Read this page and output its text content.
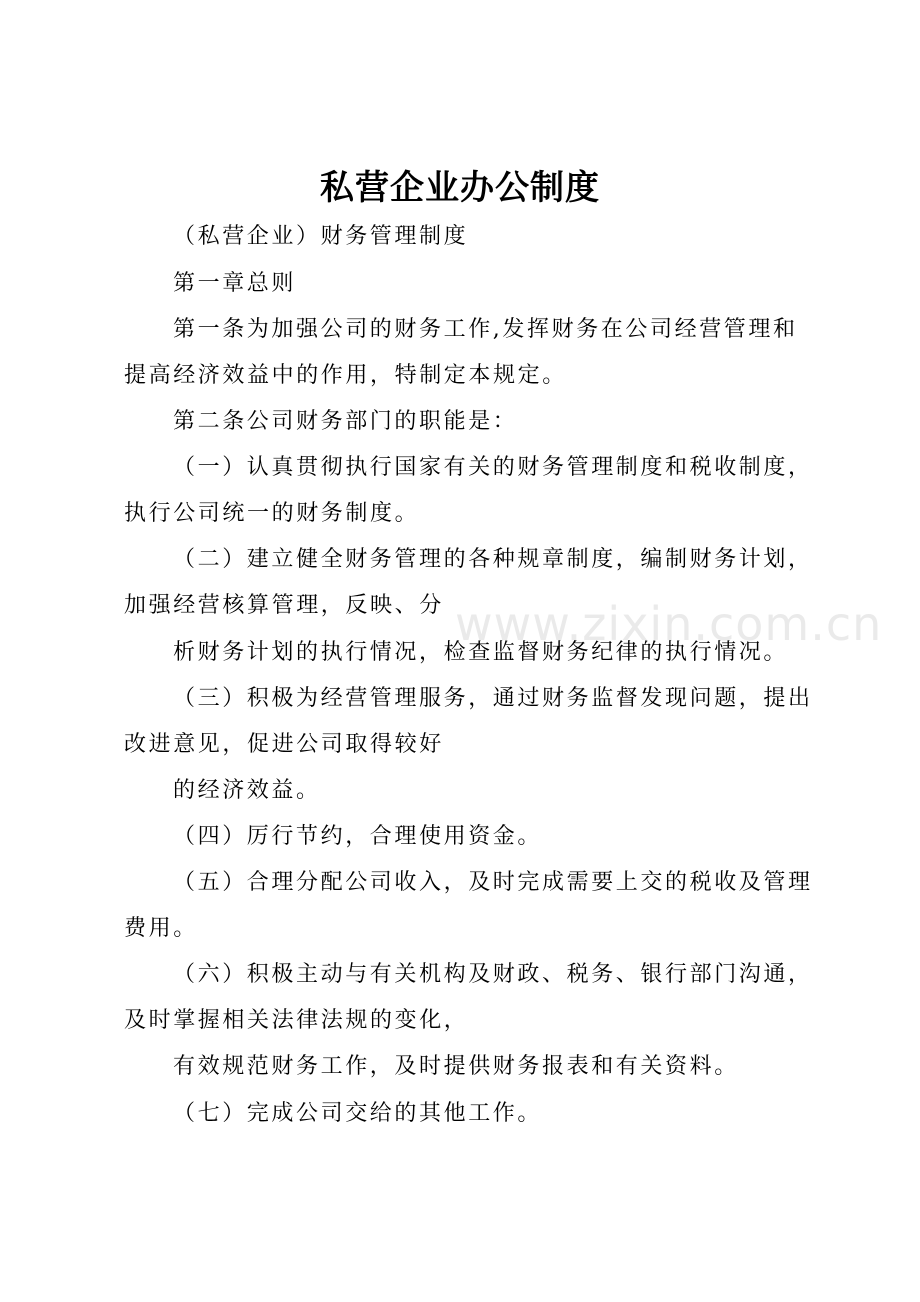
私营企业办公制度
（私营企业）财务管理制度
第一章总则
第一条为加强公司的财务工作,发挥财务在公司经营管理和
提高经济效益中的作用，特制定本规定。
第二条公司财务部门的职能是：
（一）认真贯彻执行国家有关的财务管理制度和税收制度，
执行公司统一的财务制度。
（二）建立健全财务管理的各种规章制度，编制财务计划，
加强经营核算管理，反映、分
析财务计划的执行情况，检查监督财务纪律的执行情况。
（三）积极为经营管理服务，通过财务监督发现问题，提出
改进意见，促进公司取得较好
的经济效益。
（四）厉行节约，合理使用资金。
（五）合理分配公司收入，及时完成需要上交的税收及管理
费用。
（六）积极主动与有关机构及财政、税务、银行部门沟通，
及时掌握相关法律法规的变化，
有效规范财务工作，及时提供财务报表和有关资料。
（七）完成公司交给的其他工作。
www.zixin.com.cn
